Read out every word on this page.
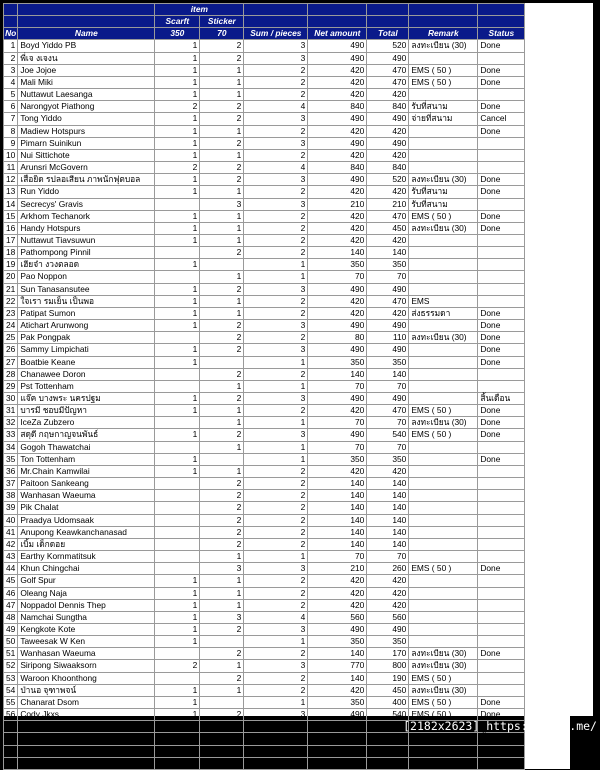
		item							
		Scarft	Sticker						
No	Name	350	70	Sum / pieces	Net amount	Total	Remark	Status	
1	Boyd Yiddo PB	1	2	3	490	520	ลงทะเบียน (30)	Done	
2	พี่เจ งเจงน	1	2	3	490	490			
3	Joe Jojoe	1	1	2	420	470	EMS ( 50 )	Done	
4	Mali Miki	1	1	2	420	470	EMS ( 50 )	Done	
5	Nuttawut Laesanga	1	1	2	420	420			
6	Narongyot Piathong	2	2	4	840	840	รับที่สนาม	Done	
7	Tong Yiddo	1	2	3	490	490	จ่ายที่สนาม	Cancel	
8	Madiew Hotspurs	1	1	2	420	420		Done	
9	Pimarn Suinikun	1	2	3	490	490			
10	Nui Sittichote	1	1	2	420	420			
11	Arunsri McGovern	2	2	4	840	840			
12	เสือยิด รปลอเสียน ภาพนักฟุตบอล	1	2	3	490	520	ลงทะเบียน (30)	Done	
13	Run Yiddo	1	1	2	420	420	รับที่สนาม	Done	
14	Secrecys' Gravis		3	3	210	210	รับที่สนาม		
15	Arkhom Techanork	1	1	2	420	470	EMS ( 50 )	Done	
16	Handy Hotspurs	1	1	2	420	450	ลงทะเบียน (30)	Done	
17	Nuttawut Tiavsuwun	1	1	2	420	420			
18	Pathompong Pinnil		2	2	140	140			
19	เฮียจ๋า งวงตลอด	1		1	350	350			
20	Pao Noppon		1	1	70	70			
21	Sun Tanasansutee	1	2	3	490	490			
22	ใจเรา รมเย็น เป็นพอ	1	1	2	420	470	EMS		
23	Patipat Sumon	1	1	2	420	420	ส่งธรรมดา	Done	
24	Atichart Arunwong	1	2	3	490	490		Done	
25	Pak Pongpak		2	2	80	110	ลงทะเบียน (30)	Done	
26	Sammy Limpichati	1	2	3	490	490		Done	
27	Boatbie Keane	1		1	350	350		Done	
28	Chanawee Doron		2	2	140	140			
29	Pst Tottenham		1	1	70	70			
30	แจ๊ค บางพระ นครปฐม	1	2	3	490	490		สิ้นเดือน	
31	บารมี ชอบมีปัญหา	1	1	2	420	470	EMS ( 50 )	Done	
32	IceZa Zubzero		1	1	70	70	ลงทะเบียน (30)	Done	
33	สดุดี กฤษกาญจนพันธ์	1	2	3	490	540	EMS ( 50 )	Done	
34	Gogoh Thawatchai		1	1	70	70			
35	Ton Tottenham	1		1	350	350		Done	
36	Mr.Chain Kamwilai	1	1	2	420	420			
37	Paitoon Sankeang		2	2	140	140			
38	Wanhasan Waeuma		2	2	140	140			
39	Pik Chalat		2	2	140	140			
40	Praadya Udomsaak		2	2	140	140			
41	Anupong Keawkanchanasad		2	2	140	140			
42	เบิ้ม เด็กดอย		2	2	140	140			
43	Earthy Kornmatitsuk		1	1	70	70			
44	Khun Chingchai		3	3	210	260	EMS ( 50 )	Done	
45	Golf Spur	1	1	2	420	420			
46	Oleang Naja	1	1	2	420	420			
47	Noppadol Dennis Thep	1	1	2	420	420			
48	Namchai Sungtha	1	3	4	560	560			
49	Kengkote Kote	1	2	3	490	490			
50	Taweesak W Ken	1		1	350	350			
51	Wanhasan Waeuma		2	2	140	170	ลงทะเบียน (30)	Done	
52	Siripong Siwaaksorn	2	1	3	770	800	ลงทะเบียน (30)		
53	Waroon Khoonthong		2	2	140	190	EMS ( 50 )		
54	ป่านอ จุฑาพจน์	1	1	2	420	450	ลงทะเบียน (30)		
55	Chanarat Dsom	1		1	350	400	EMS ( 50 )	Done	
56	Cody Jkxs	1	2	3	490	540	EMS ( 50 )	Done	
57	Superbale Phalajivin	1	2	3	490				
58	ImPulse PetchKung Pz	1	2	3	490	520	ลงทะเบียน (30)	สิ้นเดือน	
59	Hajime Kindaichi	1		1	350	400	EMS ( 50 )		
60	Natthawat Suwakhon	1		1	350	350			
[2182x2623] https://upic.me/
